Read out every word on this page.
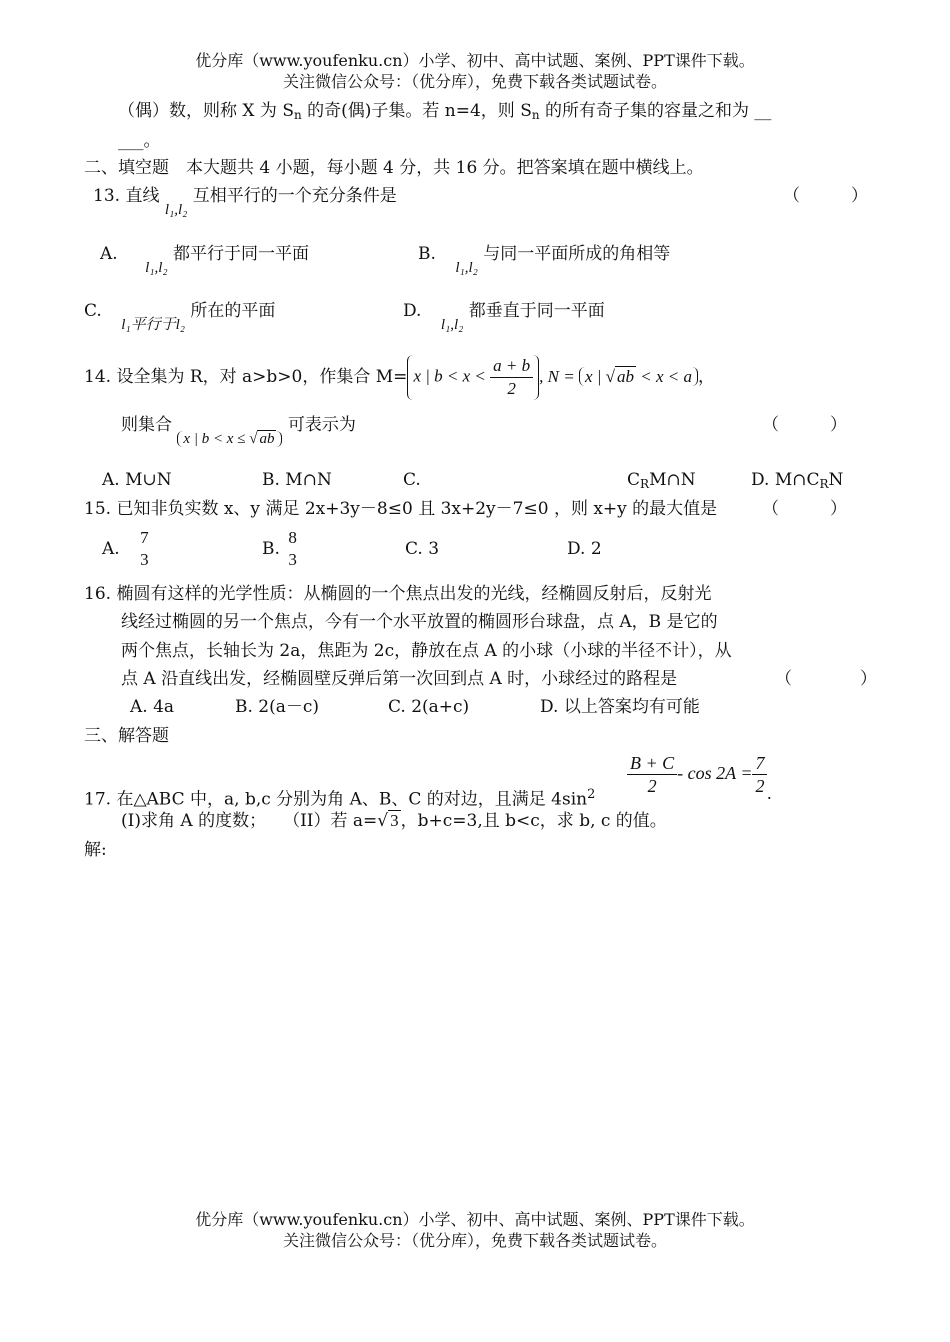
优分库（www.youfenku.cn）小学、初中、高中试题、案例、PPT课件下载。
关注微信公众号：（优分库），免费下载各类试题试卷。
（偶）数，则称 X 为 $S_n$ 的奇(偶)子集。若 n=4，则 $S_n$ 的所有奇子集的容量之和为 __
___。
二、填空题　本大题共 4 小题，每小题 4 分，共 16 分。把答案填在题中横线上。
13. 直线 l₁,l₂ 互相平行的一个充分条件是	（　　　）
A. l₁,l₂ 都平行于同一平面	B. l₁,l₂ 与同一平面所成的角相等
C. l₁平行于l₂ 所在的平面	D. l₁,l₂ 都垂直于同一平面
14. 设全集为 R，对 a>b>0，作集合 M= x | $b < x < \frac{a + b}{2}$ , N = x | √ ab < x < a ，
则集合 x | b < x ≤ √ ab 可表示为	（　　　）
A. M∪N	B. M∩N	C.	$C_RM\cap N$	D. $M\cap C_RN$
15. 已知非负实数 x、y 满足 2x+3y－8≤0 且 3x+2y－7≤0 ，则 x+y 的最大值是	（　　　）
A.
7
3
B.
8
3
C. 3	D. 2
16. 椭圆有这样的光学性质：从椭圆的一个焦点出发的光线，经椭圆反射后，反射光
线经过椭圆的另一个焦点，今有一个水平放置的椭圆形台球盘，点 A，B 是它的
两个焦点，长轴长为 2a，焦距为 2c，静放在点 A 的小球（小球的半径不计），从
点 A 沿直线出发，经椭圆壁反弹后第一次回到点 A 时，小球经过的路程是	（　　　　）
A. 4a	B. 2(a－c)	C. 2(a+c)	D. 以上答案均有可能
三、解答题
17. 在△ABC 中，a, b,c 分别为角 A、B、C 的对边，且满足 $4\sin^2 \frac{B + C}{2} - \cos 2A = \frac{7}{2}$ .
(I)求角 A 的度数；　　（II）若 a=√ 3 ，b+c=3,且 b<c，求 b, c 的值。
解:
优分库（www.youfenku.cn）小学、初中、高中试题、案例、PPT课件下载。
关注微信公众号：（优分库），免费下载各类试题试卷。
